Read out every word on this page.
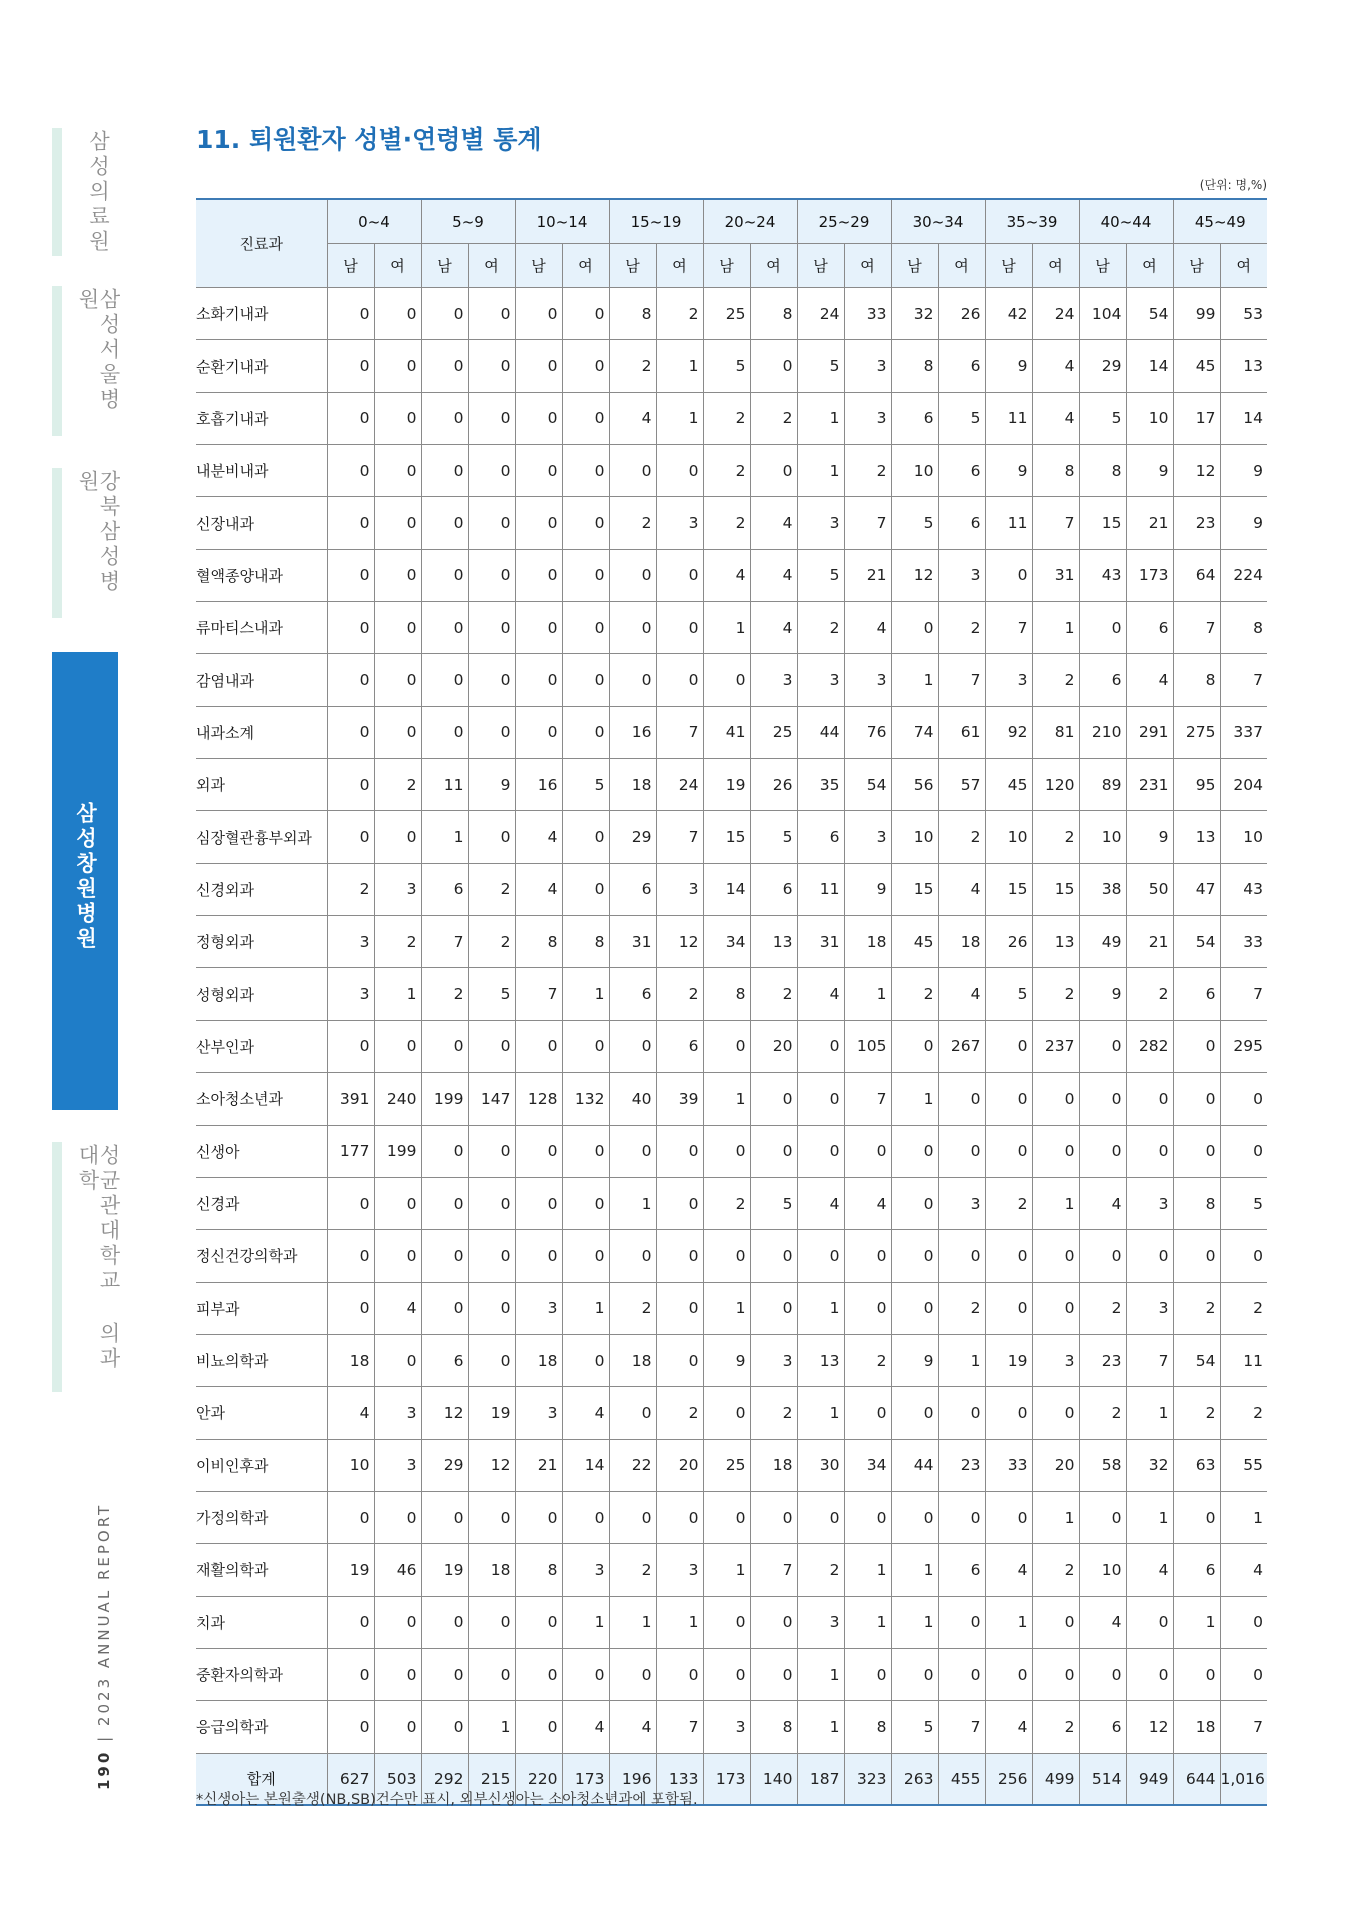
삼성의료원
삼성서울병원
강북삼성병원
삼성창원병원
성균관대학교 의과대학
190 | 2023 ANNUAL REPORT
11. 퇴원환자 성별·연령별 통계
(단위: 명,%)
진료과	0~4		5~9		10~14		15~19		20~24		25~29		30~34		35~39		40~44		45~49	
	남	여	남	여	남	여	남	여	남	여	남	여	남	여	남	여	남	여	남	여
소화기내과	0	0	0	0	0	0	8	2	25	8	24	33	32	26	42	24	104	54	99	53
순환기내과	0	0	0	0	0	0	2	1	5	0	5	3	8	6	9	4	29	14	45	13
호흡기내과	0	0	0	0	0	0	4	1	2	2	1	3	6	5	11	4	5	10	17	14
내분비내과	0	0	0	0	0	0	0	0	2	0	1	2	10	6	9	8	8	9	12	9
신장내과	0	0	0	0	0	0	2	3	2	4	3	7	5	6	11	7	15	21	23	9
혈액종양내과	0	0	0	0	0	0	0	0	4	4	5	21	12	3	0	31	43	173	64	224
류마티스내과	0	0	0	0	0	0	0	0	1	4	2	4	0	2	7	1	0	6	7	8
감염내과	0	0	0	0	0	0	0	0	0	3	3	3	1	7	3	2	6	4	8	7
내과소계	0	0	0	0	0	0	16	7	41	25	44	76	74	61	92	81	210	291	275	337
외과	0	2	11	9	16	5	18	24	19	26	35	54	56	57	45	120	89	231	95	204
심장혈관흉부외과	0	0	1	0	4	0	29	7	15	5	6	3	10	2	10	2	10	9	13	10
신경외과	2	3	6	2	4	0	6	3	14	6	11	9	15	4	15	15	38	50	47	43
정형외과	3	2	7	2	8	8	31	12	34	13	31	18	45	18	26	13	49	21	54	33
성형외과	3	1	2	5	7	1	6	2	8	2	4	1	2	4	5	2	9	2	6	7
산부인과	0	0	0	0	0	0	0	6	0	20	0	105	0	267	0	237	0	282	0	295
소아청소년과	391	240	199	147	128	132	40	39	1	0	0	7	1	0	0	0	0	0	0	0
신생아	177	199	0	0	0	0	0	0	0	0	0	0	0	0	0	0	0	0	0	0
신경과	0	0	0	0	0	0	1	0	2	5	4	4	0	3	2	1	4	3	8	5
정신건강의학과	0	0	0	0	0	0	0	0	0	0	0	0	0	0	0	0	0	0	0	0
피부과	0	4	0	0	3	1	2	0	1	0	1	0	0	2	0	0	2	3	2	2
비뇨의학과	18	0	6	0	18	0	18	0	9	3	13	2	9	1	19	3	23	7	54	11
안과	4	3	12	19	3	4	0	2	0	2	1	0	0	0	0	0	2	1	2	2
이비인후과	10	3	29	12	21	14	22	20	25	18	30	34	44	23	33	20	58	32	63	55
가정의학과	0	0	0	0	0	0	0	0	0	0	0	0	0	0	0	1	0	1	0	1
재활의학과	19	46	19	18	8	3	2	3	1	7	2	1	1	6	4	2	10	4	6	4
치과	0	0	0	0	0	1	1	1	0	0	3	1	1	0	1	0	4	0	1	0
중환자의학과	0	0	0	0	0	0	0	0	0	0	1	0	0	0	0	0	0	0	0	0
응급의학과	0	0	0	1	0	4	4	7	3	8	1	8	5	7	4	2	6	12	18	7
합계	627	503	292	215	220	173	196	133	173	140	187	323	263	455	256	499	514	949	644	1,016
*신생아는 본원출생(NB,SB)건수만 표시, 외부신생아는 소아청소년과에 포함됨.
